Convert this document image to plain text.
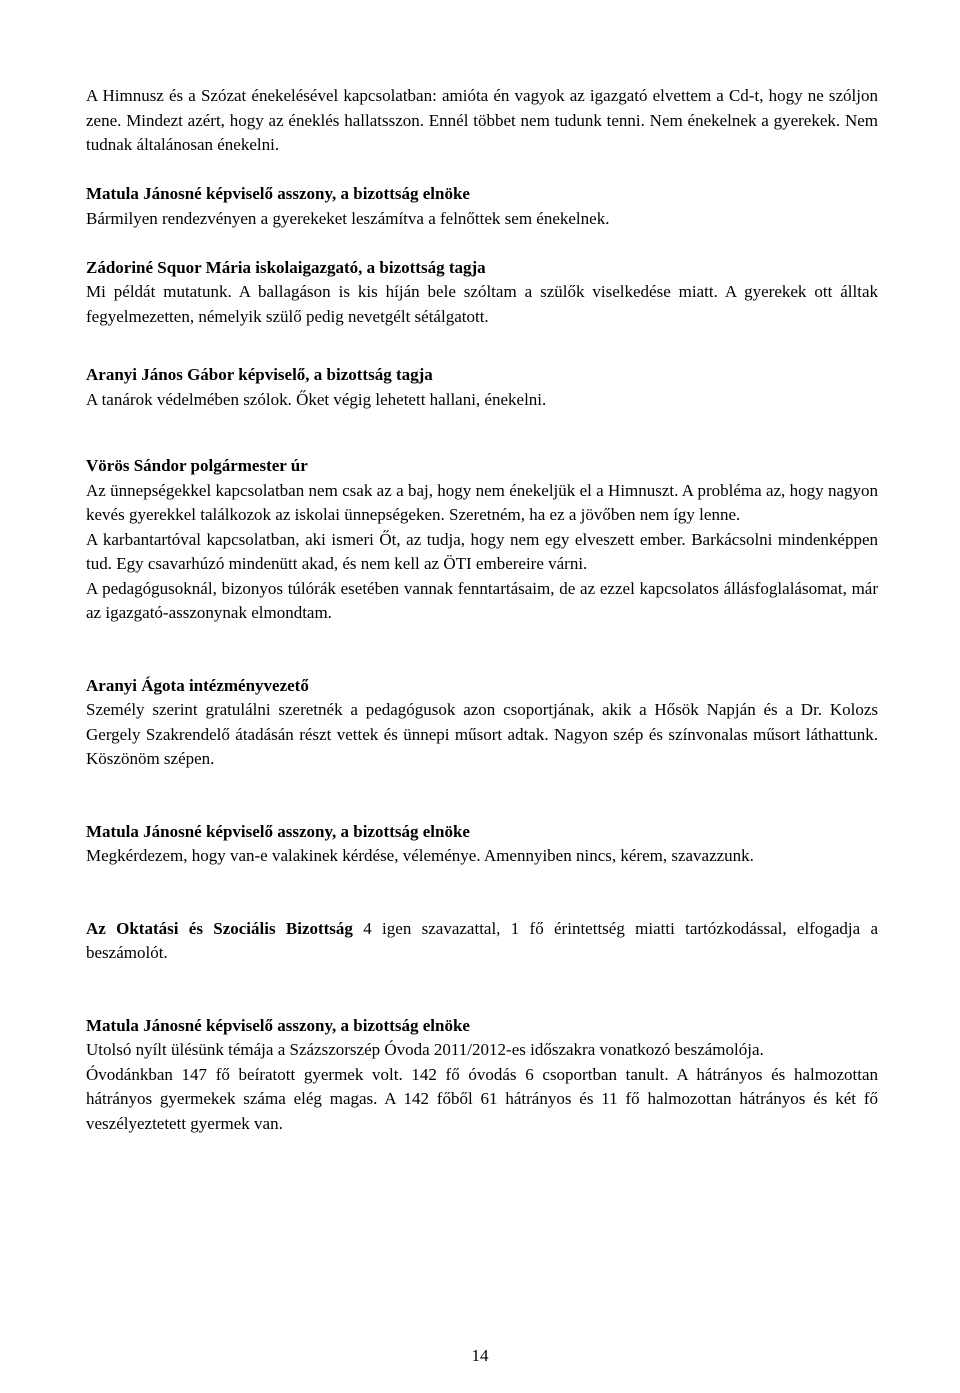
A Himnusz és a Szózat énekelésével kapcsolatban: amióta én vagyok az igazgató elvettem a Cd-t, hogy ne szóljon zene. Mindezt azért, hogy az éneklés hallatsszon. Ennél többet nem tudunk tenni. Nem énekelnek a gyerekek. Nem tudnak általánosan énekelni.

Matula Jánosné képviselő asszony, a bizottság elnöke

Bármilyen rendezvényen a gyerekeket leszámítva a felnőttek sem énekelnek.

Zádoriné Squor Mária iskolaigazgató, a bizottság tagja

Mi példát mutatunk. A ballagáson is kis híján bele szóltam a szülők viselkedése miatt. A gyerekek ott álltak fegyelmezetten, némelyik szülő pedig nevetgélt sétálgatott.

Aranyi János Gábor képviselő, a bizottság tagja

A tanárok védelmében szólok. Őket végig lehetett hallani, énekelni.

Vörös Sándor polgármester úr

Az ünnepségekkel kapcsolatban nem csak az a baj, hogy nem énekeljük el a Himnuszt. A probléma az, hogy nagyon kevés gyerekkel találkozok az iskolai ünnepségeken. Szeretném, ha ez a jövőben nem így lenne.

A karbantartóval kapcsolatban, aki ismeri Őt, az tudja, hogy nem egy elveszett ember. Barkácsolni mindenképpen tud. Egy csavarhúzó mindenütt akad, és nem kell az ÖTI embereire várni.

A pedagógusoknál, bizonyos túlórák esetében vannak fenntartásaim, de az ezzel kapcsolatos állásfoglalásomat, már az igazgató-asszonynak elmondtam.

Aranyi Ágota intézményvezető

Személy szerint gratulálni szeretnék a pedagógusok azon csoportjának, akik a Hősök Napján és a Dr. Kolozs Gergely Szakrendelő átadásán részt vettek és ünnepi műsort adtak. Nagyon szép és színvonalas műsort láthattunk. Köszönöm szépen.

Matula Jánosné képviselő asszony, a bizottság elnöke

Megkérdezem, hogy van-e valakinek kérdése, véleménye. Amennyiben nincs, kérem, szavazzunk.

Az Oktatási és Szociális Bizottság 4 igen szavazattal, 1 fő érintettség miatti tartózkodással, elfogadja a beszámolót.

Matula Jánosné képviselő asszony, a bizottság elnöke

Utolsó nyílt ülésünk témája a Százszorszép Óvoda 2011/2012-es időszakra vonatkozó beszámolója.

Óvodánkban 147 fő beíratott gyermek volt. 142 fő óvodás 6 csoportban tanult. A hátrányos és halmozottan hátrányos gyermekek száma elég magas. A 142 főből 61 hátrányos és 11 fő halmozottan hátrányos és két fő veszélyeztetett gyermek van.

14
